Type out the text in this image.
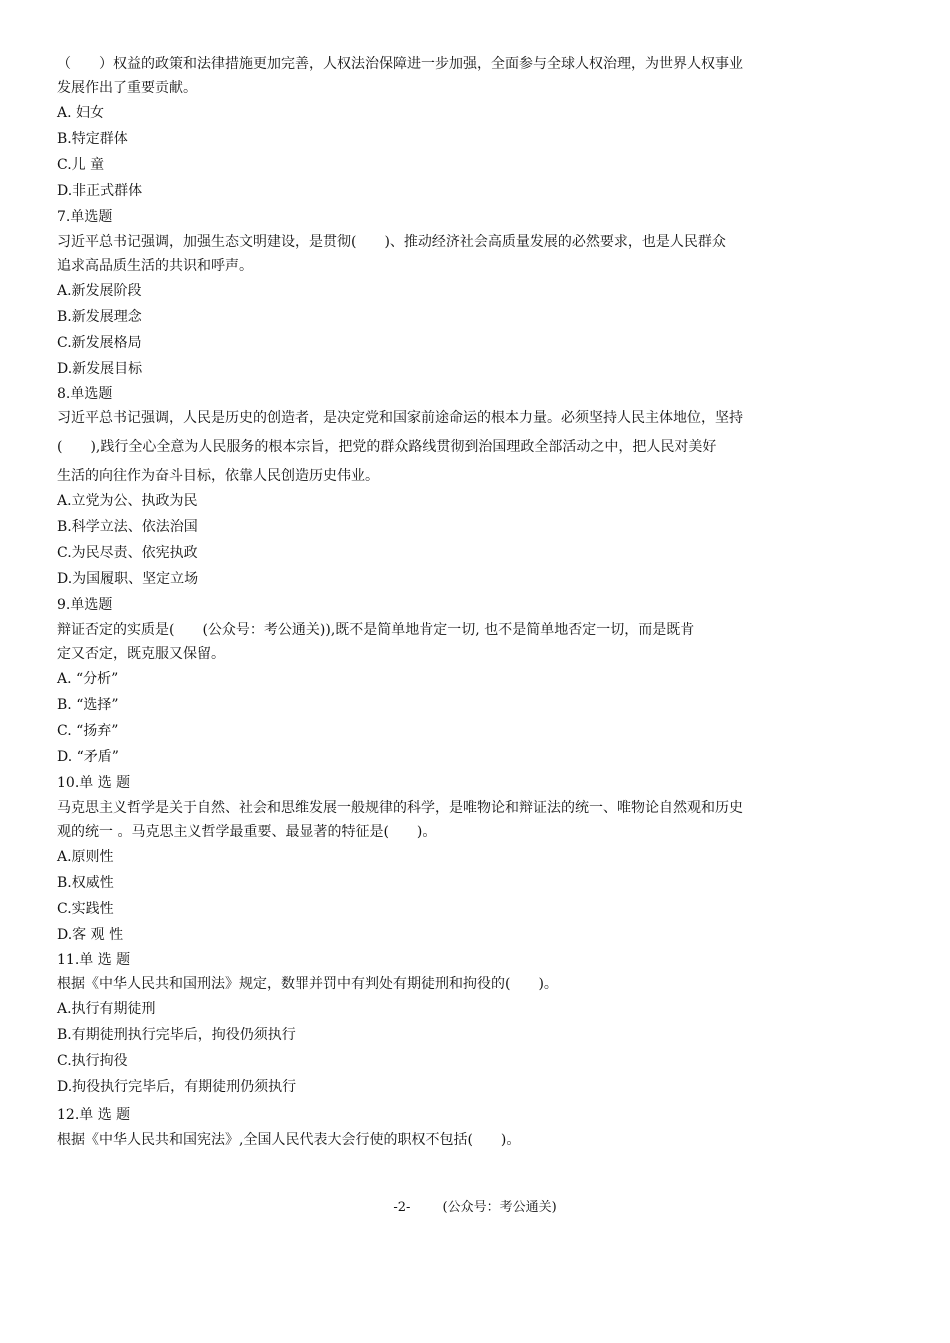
（　　）权益的政策和法律措施更加完善，人权法治保障进一步加强，全面参与全球人权治理，为世界人权事业

发展作出了重要贡献。

A. 妇女

B.特定群体

C.儿 童

D.非正式群体

7.单选题

习近平总书记强调，加强生态文明建设，是贯彻(　　)、推动经济社会高质量发展的必然要求，也是人民群众

追求高品质生活的共识和呼声。

A.新发展阶段

B.新发展理念

C.新发展格局

D.新发展目标

8.单选题

习近平总书记强调，人民是历史的创造者，是决定党和国家前途命运的根本力量。必须坚持人民主体地位，坚持

(　　),践行全心全意为人民服务的根本宗旨，把党的群众路线贯彻到治国理政全部活动之中，把人民对美好

生活的向往作为奋斗目标，依靠人民创造历史伟业。

A.立党为公、执政为民

B.科学立法、依法治国

C.为民尽责、依宪执政

D.为国履职、坚定立场

9.单选题

辩证否定的实质是(　　(公众号：考公通关)),既不是简单地肯定一切, 也不是简单地否定一切，而是既肯

定又否定，既克服又保留。

A. “分析”

B. “选择”

C. “扬弃”

D. “矛盾”

10.单 选 题

马克思主义哲学是关于自然、社会和思维发展一般规律的科学，是唯物论和辩证法的统一、唯物论自然观和历史

观的统一 。马克思主义哲学最重要、最显著的特征是(　　)。

A.原则性

B.权威性

C.实践性

D.客 观 性

11.单 选 题

根据《中华人民共和国刑法》规定，数罪并罚中有判处有期徒刑和拘役的(　　)。

A.执行有期徒刑

B.有期徒刑执行完毕后，拘役仍须执行

C.执行拘役

D.拘役执行完毕后，有期徒刑仍须执行

12.单 选 题

根据《中华人民共和国宪法》,全国人民代表大会行使的职权不包括(　　)。

-2- (公众号：考公通关)
